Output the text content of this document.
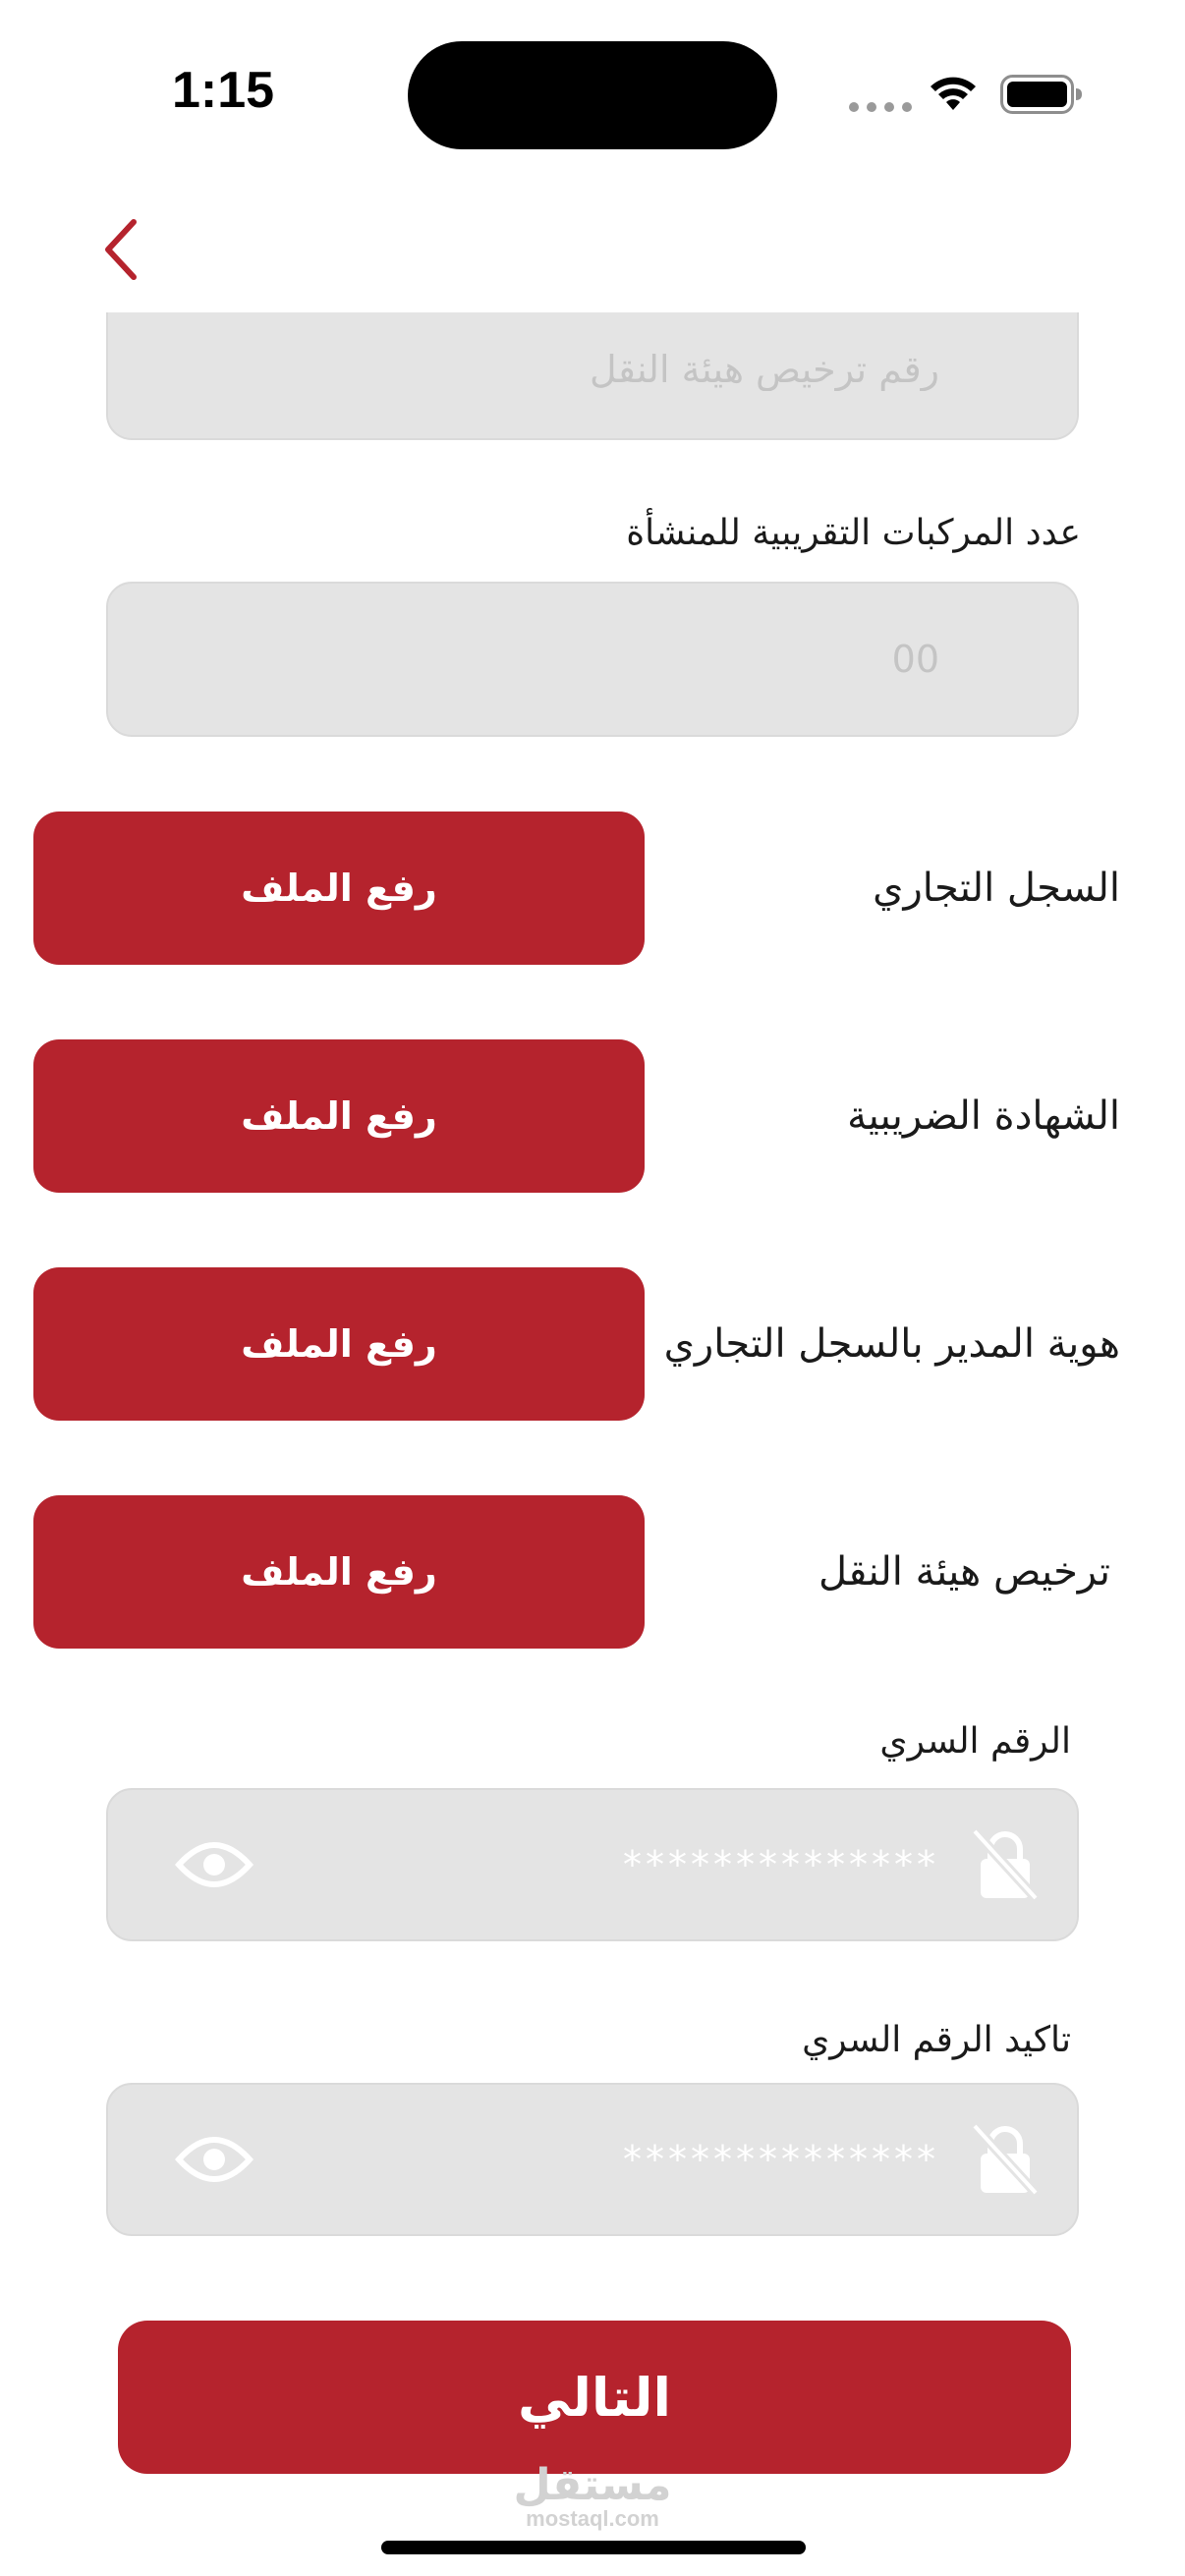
1:15
رقم ترخيص هيئة النقل
عدد المركبات التقريبية للمنشأة
00
السجل التجاري
رفع الملف
الشهادة الضريبية
رفع الملف
هوية المدير بالسجل التجاري
رفع الملف
ترخيص هيئة النقل
رفع الملف
الرقم السري
تاكيد الرقم السري
التالي
مستقل
mostaql.com
